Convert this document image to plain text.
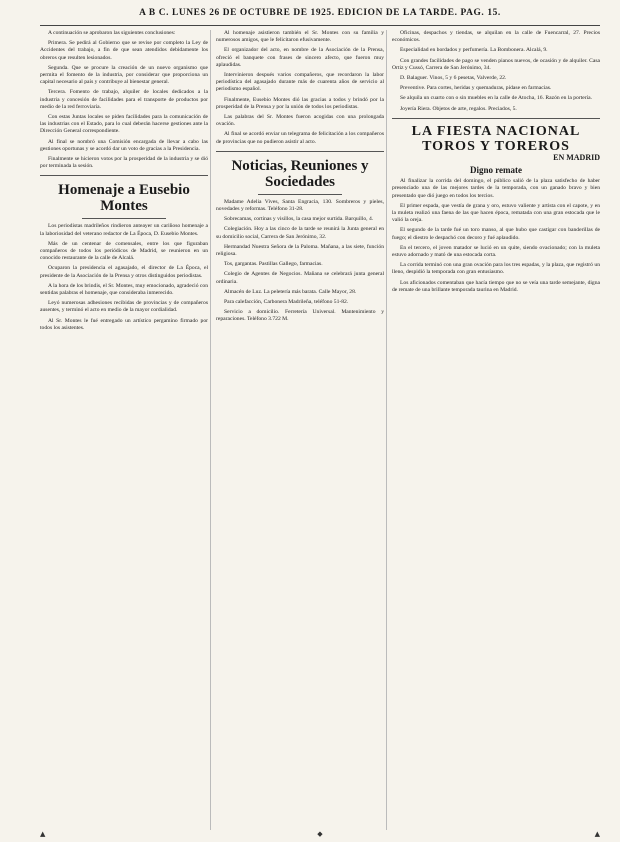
A B C. LUNES 26 DE OCTUBRE DE 1925. EDICION DE LA TARDE. PAG. 15.

A continuación se aprobaron las siguientes conclusiones:

Primera. Se pedirá al Gobierno que se revise por completo la Ley de Accidentes del trabajo, a fin de que sean atendidos debidamente los obreros que resulten lesionados.

Segunda. Que se procure la creación de un nuevo organismo que permita el fomento de la industria, por considerar que proporciona un capital necesario al país y contribuye al bienestar general.

Tercera. Fomento de trabajo, alquiler de locales dedicados a la industria y concesión de facilidades para el transporte de productos por medio de la red ferroviaria.

Con estas Juntas locales se piden facilidades para la comunicación de las industrias con el Estado, para lo cual deberán hacerse gestiones ante la Dirección General correspondiente.

Al final se nombró una Comisión encargada de llevar a cabo las gestiones oportunas y se acordó dar un voto de gracias a la Presidencia.

Finalmente se hicieron votos por la prosperidad de la industria y se dió por terminada la sesión.

Homenaje a Eusebio Montes

Los periodistas madrileños rindieron anteayer un cariñoso homenaje a la laboriosidad del veterano redactor de La Época, D. Eusebio Montes.

Más de un centenar de comensales, entre los que figuraban compañeros de todos los periódicos de Madrid, se reunieron en un conocido restaurante de la calle de Alcalá.

Ocuparon la presidencia el agasajado, el director de La Época, el presidente de la Asociación de la Prensa y otros distinguidos periodistas.

A la hora de los brindis, el Sr. Montes, muy emocionado, agradeció con sentidas palabras el homenaje, que consideraba inmerecido.

Leyó numerosas adhesiones recibidas de provincias y de compañeros ausentes, y terminó el acto en medio de la mayor cordialidad.

Al Sr. Montes le fué entregado un artístico pergamino firmado por todos los asistentes.

Al homenaje asistieron también el Sr. Montes con su familia y numerosos amigos, que le felicitaron efusivamente.

El organizador del acto, en nombre de la Asociación de la Prensa, ofreció el banquete con frases de sincero afecto, que fueron muy aplaudidas.

Intervinieron después varios compañeros, que recordaron la labor periodística del agasajado durante más de cuarenta años de servicio al periodismo español.

Finalmente, Eusebio Montes dió las gracias a todos y brindó por la prosperidad de la Prensa y por la unión de todos los periodistas.

Las palabras del Sr. Montes fueron acogidas con una prolongada ovación.

Al final se acordó enviar un telegrama de felicitación a los compañeros de provincias que no pudieron asistir al acto.

Noticias, Reuniones y Sociedades

Madame Adelia Vives, Santa Engracia, 130. Sombreros y pieles, novedades y reformas. Teléfono 31-28.

Sobrecamas, cortinas y visillos, la casa mejor surtida. Barquillo, 4.

Colegiación. Hoy a las cinco de la tarde se reunirá la Junta general en su domicilio social, Carrera de San Jerónimo, 32.

Hermandad Nuestra Señora de la Paloma. Mañana, a las siete, función religiosa.

Tos, gargantas. Pastillas Gallego, farmacias.

Colegio de Agentes de Negocios. Mañana se celebrará junta general ordinaria.

Almacén de Luz. La peletería más barata. Calle Mayor, 28.

Para calefacción, Carbonera Madrileña, teléfono 51-82.

Servicio a domicilio. Ferretería Universal. Mantenimiento y reparaciones. Teléfono 3.722 M.

Oficinas, despachos y tiendas, se alquilan en la calle de Fuencarral, 27. Precios económicos.

Especialidad en bordados y perfumería. La Bombonera. Alcalá, 9.

Con grandes facilidades de pago se venden pianos nuevos, de ocasión y de alquiler. Casa Ortiz y Cussó, Carrera de San Jerónimo, 34.

D. Balaguer. Vinos, 5 y 6 pesetas, Valverde, 22.

Preventive. Para cortes, heridas y quemaduras, pídase en farmacias.

Se alquila un cuarto con o sin muebles en la calle de Atocha, 16. Razón en la portería.

Joyería Riera. Objetos de arte, regalos. Preciados, 5.

LA FIESTA NACIONAL
TOROS Y TOREROS
EN MADRID
Digno remate

Al finalizar la corrida del domingo, el público salió de la plaza satisfecho de haber presenciado una de las mejores tardes de la temporada, con un ganado bravo y bien presentado que dió juego en todos los tercios.

El primer espada, que vestía de grana y oro, estuvo valiente y artista con el capote, y en la muleta realizó una faena de las que hacen época, rematada con una gran estocada que le valió la oreja.

El segundo de la tarde fué un toro manso, al que hubo que castigar con banderillas de fuego; el diestro le despachó con decoro y fué aplaudido.

En el tercero, el joven matador se lució en un quite, siendo ovacionado; con la muleta estuvo adornado y mató de una estocada corta.

La corrida terminó con una gran ovación para los tres espadas, y la plaza, que registró un lleno, despidió la temporada con gran entusiasmo.

Los aficionados comentaban que hacía tiempo que no se veía una tarde semejante, digna de remate de una brillante temporada taurina en Madrid.

▲	◆	▲
